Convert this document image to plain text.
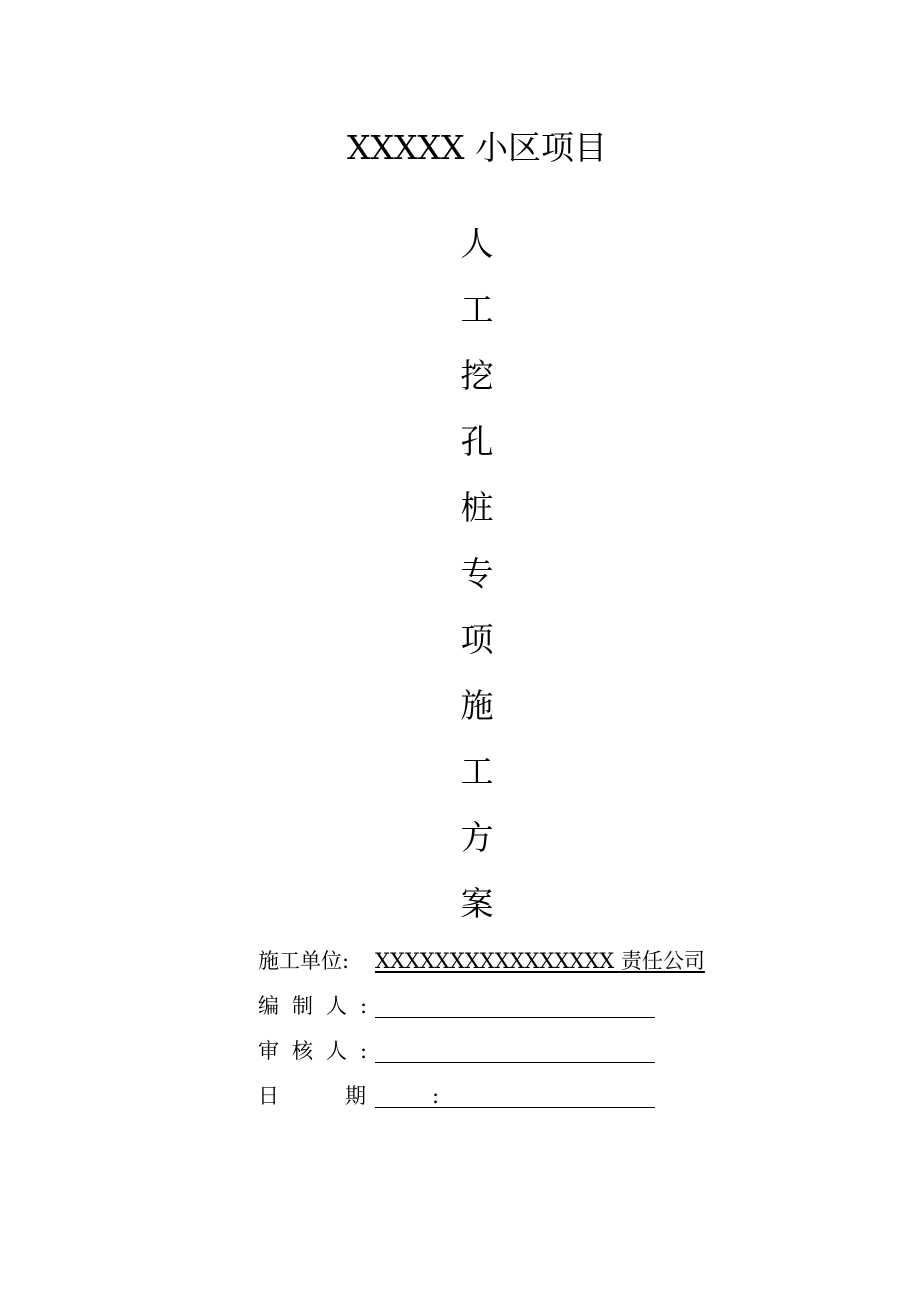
XXXXX 小区项目
人
工
挖
孔
桩
专
项
施
工
方
案
施工单位:	XXXXXXXXXXXXXXXX 责任公司
编制人:
审核人:
日期:
